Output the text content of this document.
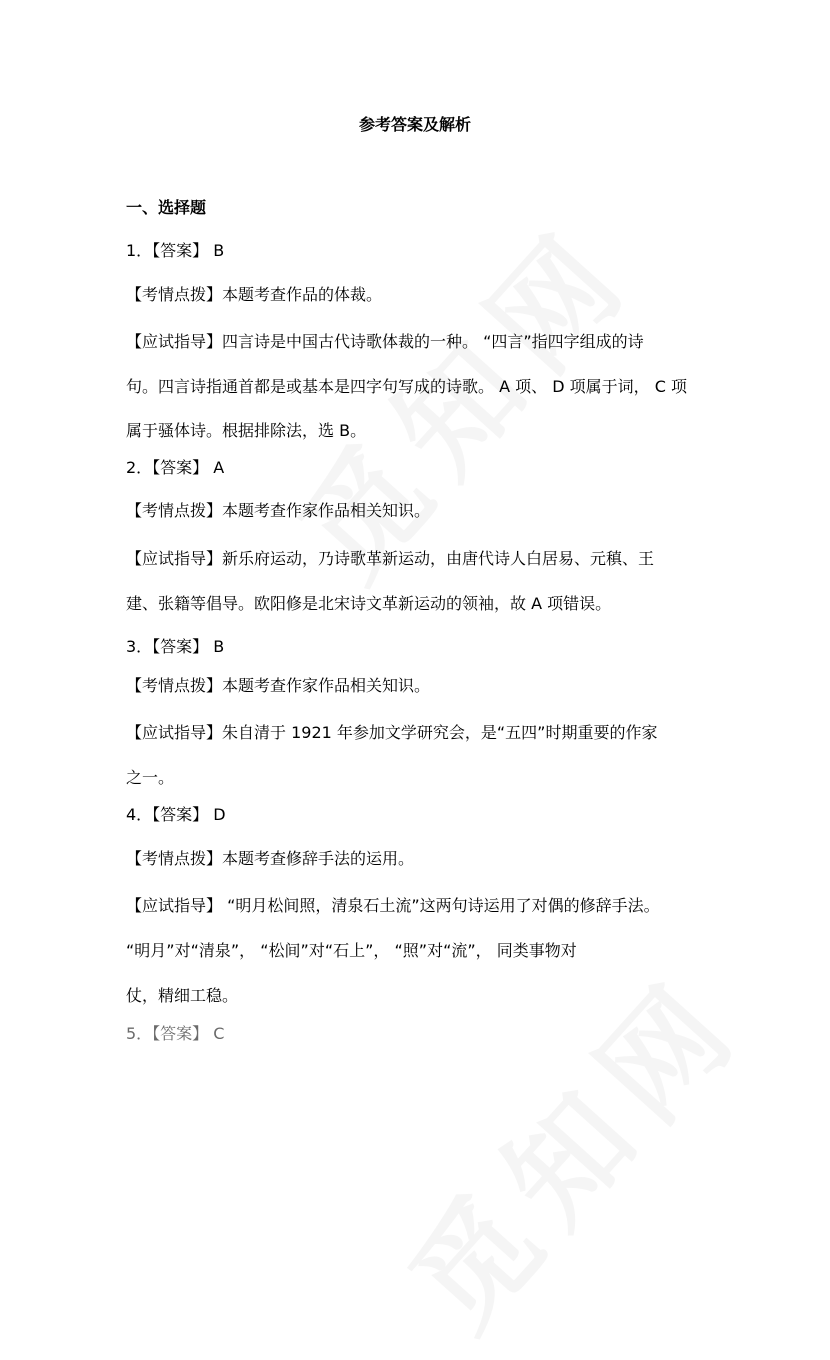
参考答案及解析
一、选择题
1．【答案】 B
【考情点拨】本题考查作品的体裁。
【应试指导】四言诗是中国古代诗歌体裁的一种。 “四言”指四字组成的诗
句。四言诗指通首都是或基本是四字句写成的诗歌。 A 项、 D 项属于词， C 项
属于骚体诗。根据排除法，选 B。
2．【答案】 A
【考情点拨】本题考查作家作品相关知识。
【应试指导】新乐府运动，乃诗歌革新运动，由唐代诗人白居易、元稹、王
建、张籍等倡导。欧阳修是北宋诗文革新运动的领袖，故 A 项错误。
3．【答案】 B
【考情点拨】本题考查作家作品相关知识。
【应试指导】朱自清于 1921 年参加文学研究会，是“五四”时期重要的作家
之一。
4．【答案】 D
【考情点拨】本题考查修辞手法的运用。
【应试指导】 “明月松间照，清泉石土流”这两句诗运用了对偶的修辞手法。
“明月”对“清泉”， “松间”对“石上”， “照”对“流”， 同类事物对
仗，精细工稳。
5．【答案】 C
